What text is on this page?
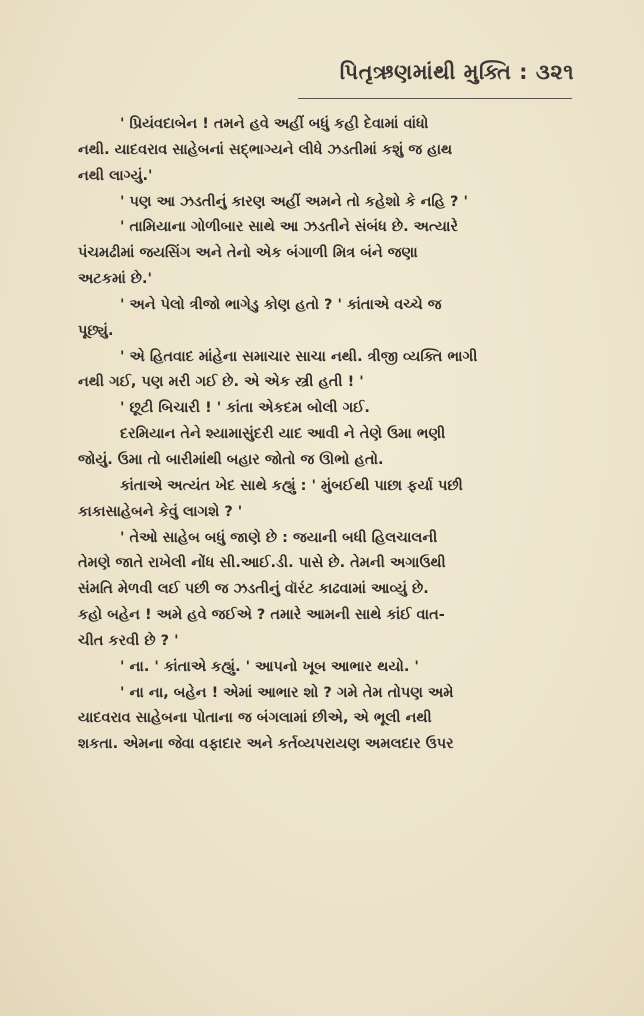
પિતૃઋણમાંથી મુક્તિ : ૩૨૧
' પ્રિયંવદાબેન ! તમને હવે અહીં બધું કહી દેવામાં વાંધો
નથી. યાદવરાવ સાહેબનાં સદ્ભાગ્યને લીધે ઝડતીમાં કશું જ હાથ
નથી લાગ્યું.'
' પણ આ ઝડતીનું કારણ અહીં અમને તો કહેશો કે નહિ ? '
' તામિયાના ગોળીબાર સાથે આ ઝડતીને સંબંધ છે. અત્યારે
પંચમઢીમાં જયસિંગ અને તેનો એક બંગાળી મિત્ર બંને જણા
અટકમાં છે.'
' અને પેલો ત્રીજો ભાગેડુ કોણ હતો ? ' કાંતાએ વચ્ચે જ
પૂછ્યું.
' એ હિતવાદ માંહેના સમાચાર સાચા નથી. ત્રીજી વ્યક્તિ ભાગી
નથી ગઈ, પણ મરી ગઈ છે. એ એક સ્ત્રી હતી ! '
' છૂટી બિચારી ! ' કાંતા એકદમ બોલી ગઈ.
દરમિયાન તેને શ્યામાસુંદરી યાદ આવી ને તેણે ઉમા ભણી
જોયું. ઉમા તો બારીમાંથી બહાર જોતો જ ઊભો હતો.
કાંતાએ અત્યંત ખેદ સાથે કહ્યું : ' મુંબઈથી પાછા ફર્યા પછી
કાકાસાહેબને કેવું લાગશે ? '
' તેઓ સાહેબ બધું જાણે છે : જયાની બધી હિલચાલની
તેમણે જાતે રાખેલી નોંધ સી.આઈ.ડી. પાસે છે. તેમની અગાઉથી
સંમતિ મેળવી લઈ પછી જ ઝડતીનું વૉરંટ કાઢવામાં આવ્યું છે.
કહો બહેન ! અમે હવે જઈએ ? તમારે આમની સાથે કાંઈ વાત-
ચીત કરવી છે ? '
' ના. ' કાંતાએ કહ્યું. ' આપનો ખૂબ આભાર થયો. '
' ના ના, બહેન ! એમાં આભાર શો ? ગમે તેમ તોપણ અમે
યાદવરાવ સાહેબના પોતાના જ બંગલામાં છીએ, એ ભૂલી નથી
શકતા. એમના જેવા વફાદાર અને કર્તવ્યપરાયણ અમલદાર ઉપર
